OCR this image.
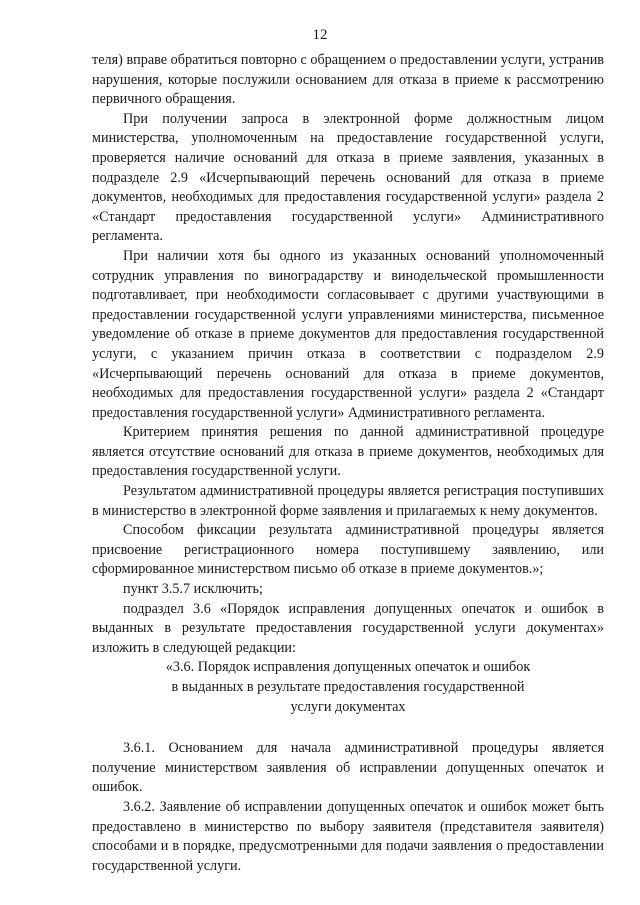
12

теля) вправе обратиться повторно с обращением о предоставлении услуги, устранив нарушения, которые послужили основанием для отказа в приеме к рассмотрению первичного обращения.

При получении запроса в электронной форме должностным лицом министерства, уполномоченным на предоставление государственной услуги, проверяется наличие оснований для отказа в приеме заявления, указанных в подразделе 2.9 «Исчерпывающий перечень оснований для отказа в приеме документов, необходимых для предоставления государственной услуги» раздела 2 «Стандарт предоставления государственной услуги» Административного регламента.

При наличии хотя бы одного из указанных оснований уполномоченный сотрудник управления по виноградарству и винодельческой промышленности подготавливает, при необходимости согласовывает с другими участвующими в предоставлении государственной услуги управлениями министерства, письменное уведомление об отказе в приеме документов для предоставления государственной услуги, с указанием причин отказа в соответствии с подразделом 2.9 «Исчерпывающий перечень оснований для отказа в приеме документов, необходимых для предоставления государственной услуги» раздела 2 «Стандарт предоставления государственной услуги» Административного регламента.

Критерием принятия решения по данной административной процедуре является отсутствие оснований для отказа в приеме документов, необходимых для предоставления государственной услуги.

Результатом административной процедуры является регистрация поступивших в министерство в электронной форме заявления и прилагаемых к нему документов.

Способом фиксации результата административной процедуры является присвоение регистрационного номера поступившему заявлению, или сформированное министерством письмо об отказе в приеме документов.»;

пункт 3.5.7 исключить;

подраздел 3.6 «Порядок исправления допущенных опечаток и ошибок в выданных в результате предоставления государственной услуги документах» изложить в следующей редакции:

«3.6. Порядок исправления допущенных опечаток и ошибок
в выданных в результате предоставления государственной
услуги документах

3.6.1. Основанием для начала административной процедуры является получение министерством заявления об исправлении допущенных опечаток и ошибок.

3.6.2. Заявление об исправлении допущенных опечаток и ошибок может быть предоставлено в министерство по выбору заявителя (представителя заявителя) способами и в порядке, предусмотренными для подачи заявления о предоставлении государственной услуги.
